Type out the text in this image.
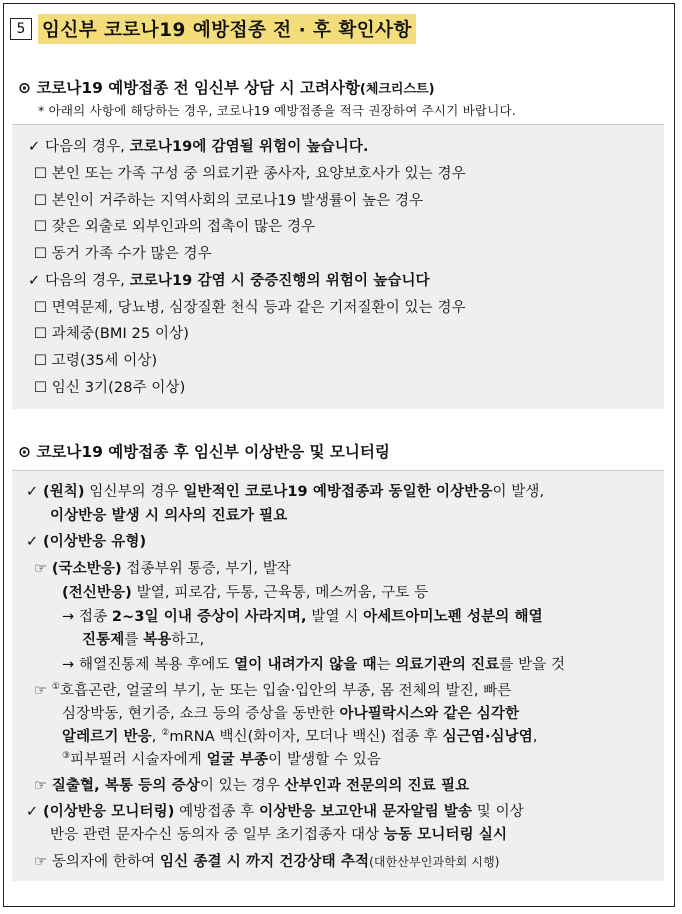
5 임신부 코로나19 예방접종 전 · 후 확인사항
⊙ 코로나19 예방접종 전 임신부 상담 시 고려사항(체크리스트)
* 아래의 사항에 해당하는 경우, 코로나19 예방접종을 적극 권장하여 주시기 바랍니다.
✓ 다음의 경우, 코로나19에 감염될 위험이 높습니다.
☐ 본인 또는 가족 구성 중 의료기관 종사자, 요양보호사가 있는 경우
☐ 본인이 거주하는 지역사회의 코로나19 발생률이 높은 경우
☐ 잦은 외출로 외부인과의 접촉이 많은 경우
☐ 동거 가족 수가 많은 경우
✓ 다음의 경우, 코로나19 감염 시 중증진행의 위험이 높습니다
☐ 면역문제, 당뇨병, 심장질환 천식 등과 같은 기저질환이 있는 경우
☐ 과체중(BMI 25 이상)
☐ 고령(35세 이상)
☐ 임신 3기(28주 이상)
⊙ 코로나19 예방접종 후 임신부 이상반응 및 모니터링
✓ (원칙) 임신부의 경우 일반적인 코로나19 예방접종과 동일한 이상반응이 발생,
이상반응 발생 시 의사의 진료가 필요
✓ (이상반응 유형)
☞ (국소반응) 접종부위 통증, 부기, 발작
(전신반응) 발열, 피로감, 두통, 근육통, 메스꺼움, 구토 등
→ 접종 2~3일 이내 증상이 사라지며, 발열 시 아세트아미노펜 성분의 해열
진통제를 복용하고,
→ 해열진통제 복용 후에도 열이 내려가지 않을 때는 의료기관의 진료를 받을 것
☞ ①호흡곤란, 얼굴의 부기, 눈 또는 입술·입안의 부종, 몸 전체의 발진, 빠른
심장박동, 현기증, 쇼크 등의 증상을 동반한 아나필락시스와 같은 심각한
알레르기 반응, ②mRNA 백신(화이자, 모더나 백신) 접종 후 심근염·심낭염,
③피부필러 시술자에게 얼굴 부종이 발생할 수 있음
☞ 질출혈, 복통 등의 증상이 있는 경우 산부인과 전문의의 진료 필요
✓ (이상반응 모니터링) 예방접종 후 이상반응 보고안내 문자알림 발송 및 이상
반응 관련 문자수신 동의자 중 일부 초기접종자 대상 능동 모니터링 실시
☞ 동의자에 한하여 임신 종결 시 까지 건강상태 추적(대한산부인과학회 시행)
